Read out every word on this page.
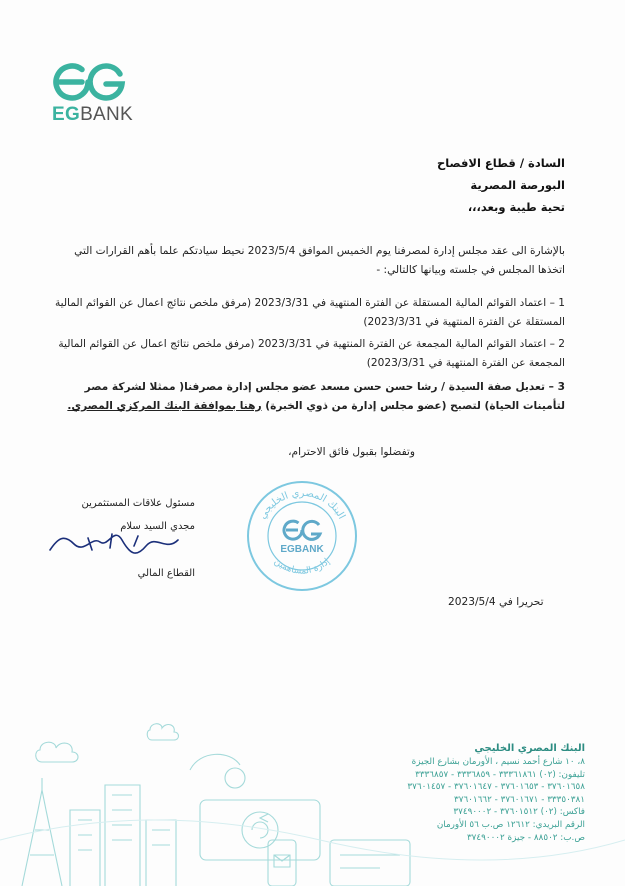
EGBANK
السادة / قطاع الافصاح
البورصة المصرية
تحية طيبة وبعد،،،
بالإشارة الى عقد مجلس إدارة لمصرفنا يوم الخميس الموافق 2023/5/4 نحيط سيادتكم علما بأهم القرارات التي اتخذها المجلس في جلسته وبيانها كالتالي: -
1 – اعتماد القوائم المالية المستقلة عن الفترة المنتهية في 2023/3/31 (مرفق ملخص نتائج اعمال عن القوائم المالية المستقلة عن الفترة المنتهية في 2023/3/31)
2 – اعتماد القوائم المالية المجمعة عن الفترة المنتهية في 2023/3/31 (مرفق ملخص نتائج اعمال عن القوائم المالية المجمعة عن الفترة المنتهية في 2023/3/31)
3 – تعديل صفة السيدة / رشا حسن حسن مسعد عضو مجلس إدارة مصرفنا( ممثلا لشركة مصر لتأمينات الحياة) لتصبح (عضو مجلس إدارة من ذوي الخبرة) رهنا بموافقة البنك المركزي المصري.
وتفضلوا بقبول فائق الاحترام،
مسئول علاقات المستثمرين
مجدي السيد سلام
القطاع المالي
البنك المصري الخليجي
إدارة المساهمين
EGBANK
تحريرا في 2023/5/4
البنك المصري الخليجي
٨، ١٠ شارع أحمد نسيم ، الأورمان بشارع الجيزة
تليفون: (٠٢) ٣٣٣٦١٨٦١ - ٣٣٣٦٨٥٩ - ٣٣٣٦٨٥٧
٣٧٦٠١٦٥٨ - ٣٧٦٠١٦٥٣ - ٣٧٦٠١٦٤٧ - ٣٧٦٠١٤٥٧
٣٣٣٥٠٣٨١ - ٣٧٦٠١٦٧١ - ٣٧٦٠١٦٦٢
فاكس: (٠٢) ٣٧٦٠١٥١٢ - ٣٧٤٩٠٠٠٢
الرقم البريدي: ١٢٦١٢ ص.ب ٥٦ الأورمان
ص.ب: ٨٨٥٠٢ - جيزة ٣٧٤٩٠٠٠٢
